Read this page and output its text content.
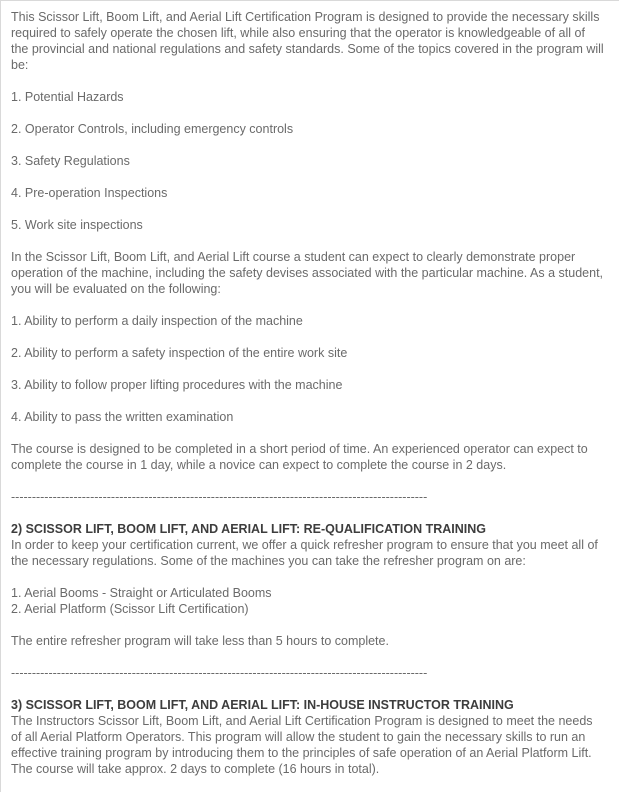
This Scissor Lift, Boom Lift, and Aerial Lift Certification Program is designed to provide the necessary skills required to safely operate the chosen lift, while also ensuring that the operator is knowledgeable of all of the provincial and national regulations and safety standards. Some of the topics covered in the program will be:

1. Potential Hazards

2. Operator Controls, including emergency controls

3. Safety Regulations

4. Pre-operation Inspections

5. Work site inspections

In the Scissor Lift, Boom Lift, and Aerial Lift course a student can expect to clearly demonstrate proper operation of the machine, including the safety devises associated with the particular machine. As a student, you will be evaluated on the following:

1. Ability to perform a daily inspection of the machine

2. Ability to perform a safety inspection of the entire work site

3. Ability to follow proper lifting procedures with the machine

4. Ability to pass the written examination

The course is designed to be completed in a short period of time. An experienced operator can expect to complete the course in 1 day, while a novice can expect to complete the course in 2 days.

----------------------------------------------------------------------------------------------------

2) SCISSOR LIFT, BOOM LIFT, AND AERIAL LIFT: RE-QUALIFICATION TRAINING

In order to keep your certification current, we offer a quick refresher program to ensure that you meet all of the necessary regulations. Some of the machines you can take the refresher program on are:

1. Aerial Booms - Straight or Articulated Booms

2. Aerial Platform (Scissor Lift Certification)

The entire refresher program will take less than 5 hours to complete.

----------------------------------------------------------------------------------------------------

3) SCISSOR LIFT, BOOM LIFT, AND AERIAL LIFT: IN-HOUSE INSTRUCTOR TRAINING

The Instructors Scissor Lift, Boom Lift, and Aerial Lift Certification Program is designed to meet the needs of all Aerial Platform Operators. This program will allow the student to gain the necessary skills to run an effective training program by introducing them to the principles of safe operation of an Aerial Platform Lift. The course will take approx. 2 days to complete (16 hours in total).
